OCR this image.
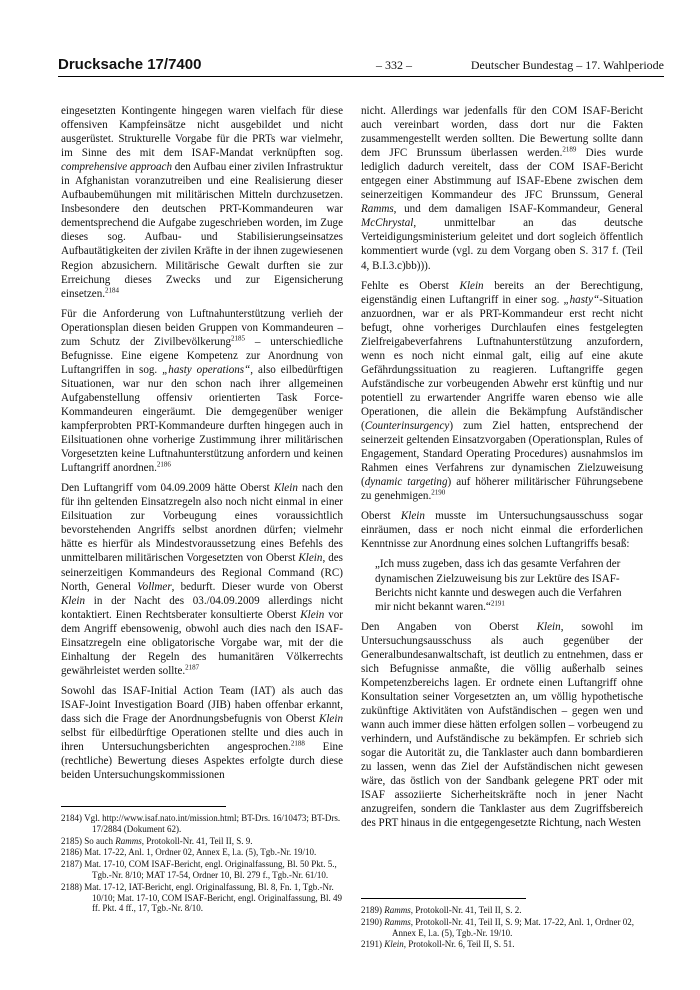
Drucksache 17/7400	– 332 –	Deutscher Bundestag – 17. Wahlperiode

eingesetzten Kontingente hingegen waren vielfach für diese offensiven Kampfeinsätze nicht ausgebildet und nicht ausgerüstet. Strukturelle Vorgabe für die PRTs war vielmehr, im Sinne des mit dem ISAF-Mandat verknüpften sog. comprehensive approach den Aufbau einer zivilen Infrastruktur in Afghanistan voranzutreiben und eine Realisierung dieser Aufbaubemühungen mit militärischen Mitteln durchzusetzen. Insbesondere den deutschen PRT-Kommandeuren war dementsprechend die Aufgabe zugeschrieben worden, im Zuge dieses sog. Aufbau- und Stabilisierungseinsatzes Aufbautätigkeiten der zivilen Kräfte in der ihnen zugewiesenen Region abzusichern. Militärische Gewalt durften sie zur Erreichung dieses Zwecks und zur Eigensicherung einsetzen.$^{2184}$

Für die Anforderung von Luftnahunterstützung verlieh der Operationsplan diesen beiden Gruppen von Kommandeuren – zum Schutz der Zivilbevölkerung$^{2185}$ – unterschiedliche Befugnisse. Eine eigene Kompetenz zur Anordnung von Luftangriffen in sog. „hasty operations“, also eilbedürftigen Situationen, war nur den schon nach ihrer allgemeinen Aufgabenstellung offensiv orientierten Task Force-Kommandeuren eingeräumt. Die demgegenüber weniger kampferprobten PRT-Kommandeure durften hingegen auch in Eilsituationen ohne vorherige Zustimmung ihrer militärischen Vorgesetzten keine Luftnahunterstützung anfordern und keinen Luftangriff anordnen.$^{2186}$

Den Luftangriff vom 04.09.2009 hätte Oberst Klein nach den für ihn geltenden Einsatzregeln also noch nicht einmal in einer Eilsituation zur Vorbeugung eines voraussichtlich bevorstehenden Angriffs selbst anordnen dürfen; vielmehr hätte es hierfür als Mindestvoraussetzung eines Befehls des unmittelbaren militärischen Vorgesetzten von Oberst Klein, des seinerzeitigen Kommandeurs des Regional Command (RC) North, General Vollmer, bedurft. Dieser wurde von Oberst Klein in der Nacht des 03./04.09.2009 allerdings nicht kontaktiert. Einen Rechtsberater konsultierte Oberst Klein vor dem Angriff ebensowenig, obwohl auch dies nach den ISAF-Einsatzregeln eine obligatorische Vorgabe war, mit der die Einhaltung der Regeln des humanitären Völkerrechts gewährleistet werden sollte.$^{2187}$

Sowohl das ISAF-Initial Action Team (IAT) als auch das ISAF-Joint Investigation Board (JIB) haben offenbar erkannt, dass sich die Frage der Anordnungsbefugnis von Oberst Klein selbst für eilbedürftige Operationen stellte und dies auch in ihren Untersuchungsberichten angesprochen.$^{2188}$ Eine (rechtliche) Bewertung dieses Aspektes erfolgte durch diese beiden Untersuchungskommissionen

nicht. Allerdings war jedenfalls für den COM ISAF-Bericht auch vereinbart worden, dass dort nur die Fakten zusammengestellt werden sollten. Die Bewertung sollte dann dem JFC Brunssum überlassen werden.$^{2189}$ Dies wurde lediglich dadurch vereitelt, dass der COM ISAF-Bericht entgegen einer Abstimmung auf ISAF-Ebene zwischen dem seinerzeitigen Kommandeur des JFC Brunssum, General Ramms, und dem damaligen ISAF-Kommandeur, General McChrystal, unmittelbar an das deutsche Verteidigungsministerium geleitet und dort sogleich öffentlich kommentiert wurde (vgl. zu dem Vorgang oben S. 317 f. (Teil 4, B.I.3.c)bb))).

Fehlte es Oberst Klein bereits an der Berechtigung, eigenständig einen Luftangriff in einer sog. „hasty“-Situation anzuordnen, war er als PRT-Kommandeur erst recht nicht befugt, ohne vorheriges Durchlaufen eines festgelegten Zielfreigabeverfahrens Luftnahunterstützung anzufordern, wenn es noch nicht einmal galt, eilig auf eine akute Gefährdungssituation zu reagieren. Luftangriffe gegen Aufständische zur vorbeugenden Abwehr erst künftig und nur potentiell zu erwartender Angriffe waren ebenso wie alle Operationen, die allein die Bekämpfung Aufständischer (Counterinsurgency) zum Ziel hatten, entsprechend der seinerzeit geltenden Einsatzvorgaben (Operationsplan, Rules of Engagement, Standard Operating Procedures) ausnahmslos im Rahmen eines Verfahrens zur dynamischen Zielzuweisung (dynamic targeting) auf höherer militärischer Führungsebene zu genehmigen.$^{2190}$

Oberst Klein musste im Untersuchungsausschuss sogar einräumen, dass er noch nicht einmal die erforderlichen Kenntnisse zur Anordnung eines solchen Luftangriffs besaß:

„Ich muss zugeben, dass ich das gesamte Verfahren der dynamischen Zielzuweisung bis zur Lektüre des ISAF-Berichts nicht kannte und deswegen auch die Verfahren mir nicht bekannt waren.“$^{2191}$

Den Angaben von Oberst Klein, sowohl im Untersuchungsausschuss als auch gegenüber der Generalbundesanwaltschaft, ist deutlich zu entnehmen, dass er sich Befugnisse anmaßte, die völlig außerhalb seines Kompetenzbereichs lagen. Er ordnete einen Luftangriff ohne Konsultation seiner Vorgesetzten an, um völlig hypothetische zukünftige Aktivitäten von Aufständischen – gegen wen und wann auch immer diese hätten erfolgen sollen – vorbeugend zu verhindern, und Aufständische zu bekämpfen. Er schrieb sich sogar die Autorität zu, die Tanklaster auch dann bombardieren zu lassen, wenn das Ziel der Aufständischen nicht gewesen wäre, das östlich von der Sandbank gelegene PRT oder mit ISAF assoziierte Sicherheitskräfte noch in jener Nacht anzugreifen, sondern die Tanklaster aus dem Zugriffsbereich des PRT hinaus in die entgegengesetzte Richtung, nach Westen

2184) Vgl. http://www.isaf.nato.int/mission.html; BT-Drs. 16/10473; BT-Drs. 17/2884 (Dokument 62).
2185) So auch Ramms, Protokoll-Nr. 41, Teil II, S. 9.
2186) Mat. 17-22, Anl. 1, Ordner 02, Annex E, l.a. (5), Tgb.-Nr. 19/10.
2187) Mat. 17-10, COM ISAF-Bericht, engl. Originalfassung, Bl. 50 Pkt. 5., Tgb.-Nr. 8/10; MAT 17-54, Ordner 10, Bl. 279 f., Tgb.-Nr. 61/10.
2188) Mat. 17-12, IAT-Bericht, engl. Originalfassung, Bl. 8, Fn. 1, Tgb.-Nr. 10/10; Mat. 17-10, COM ISAF-Bericht, engl. Originalfassung, Bl. 49 ff. Pkt. 4 ff., 17, Tgb.-Nr. 8/10.	2189) Ramms, Protokoll-Nr. 41, Teil II, S. 2.
2190) Ramms, Protokoll-Nr. 41, Teil II, S. 9; Mat. 17-22, Anl. 1, Ordner 02, Annex E, l.a. (5), Tgb.-Nr. 19/10.
2191) Klein, Protokoll-Nr. 6, Teil II, S. 51.
